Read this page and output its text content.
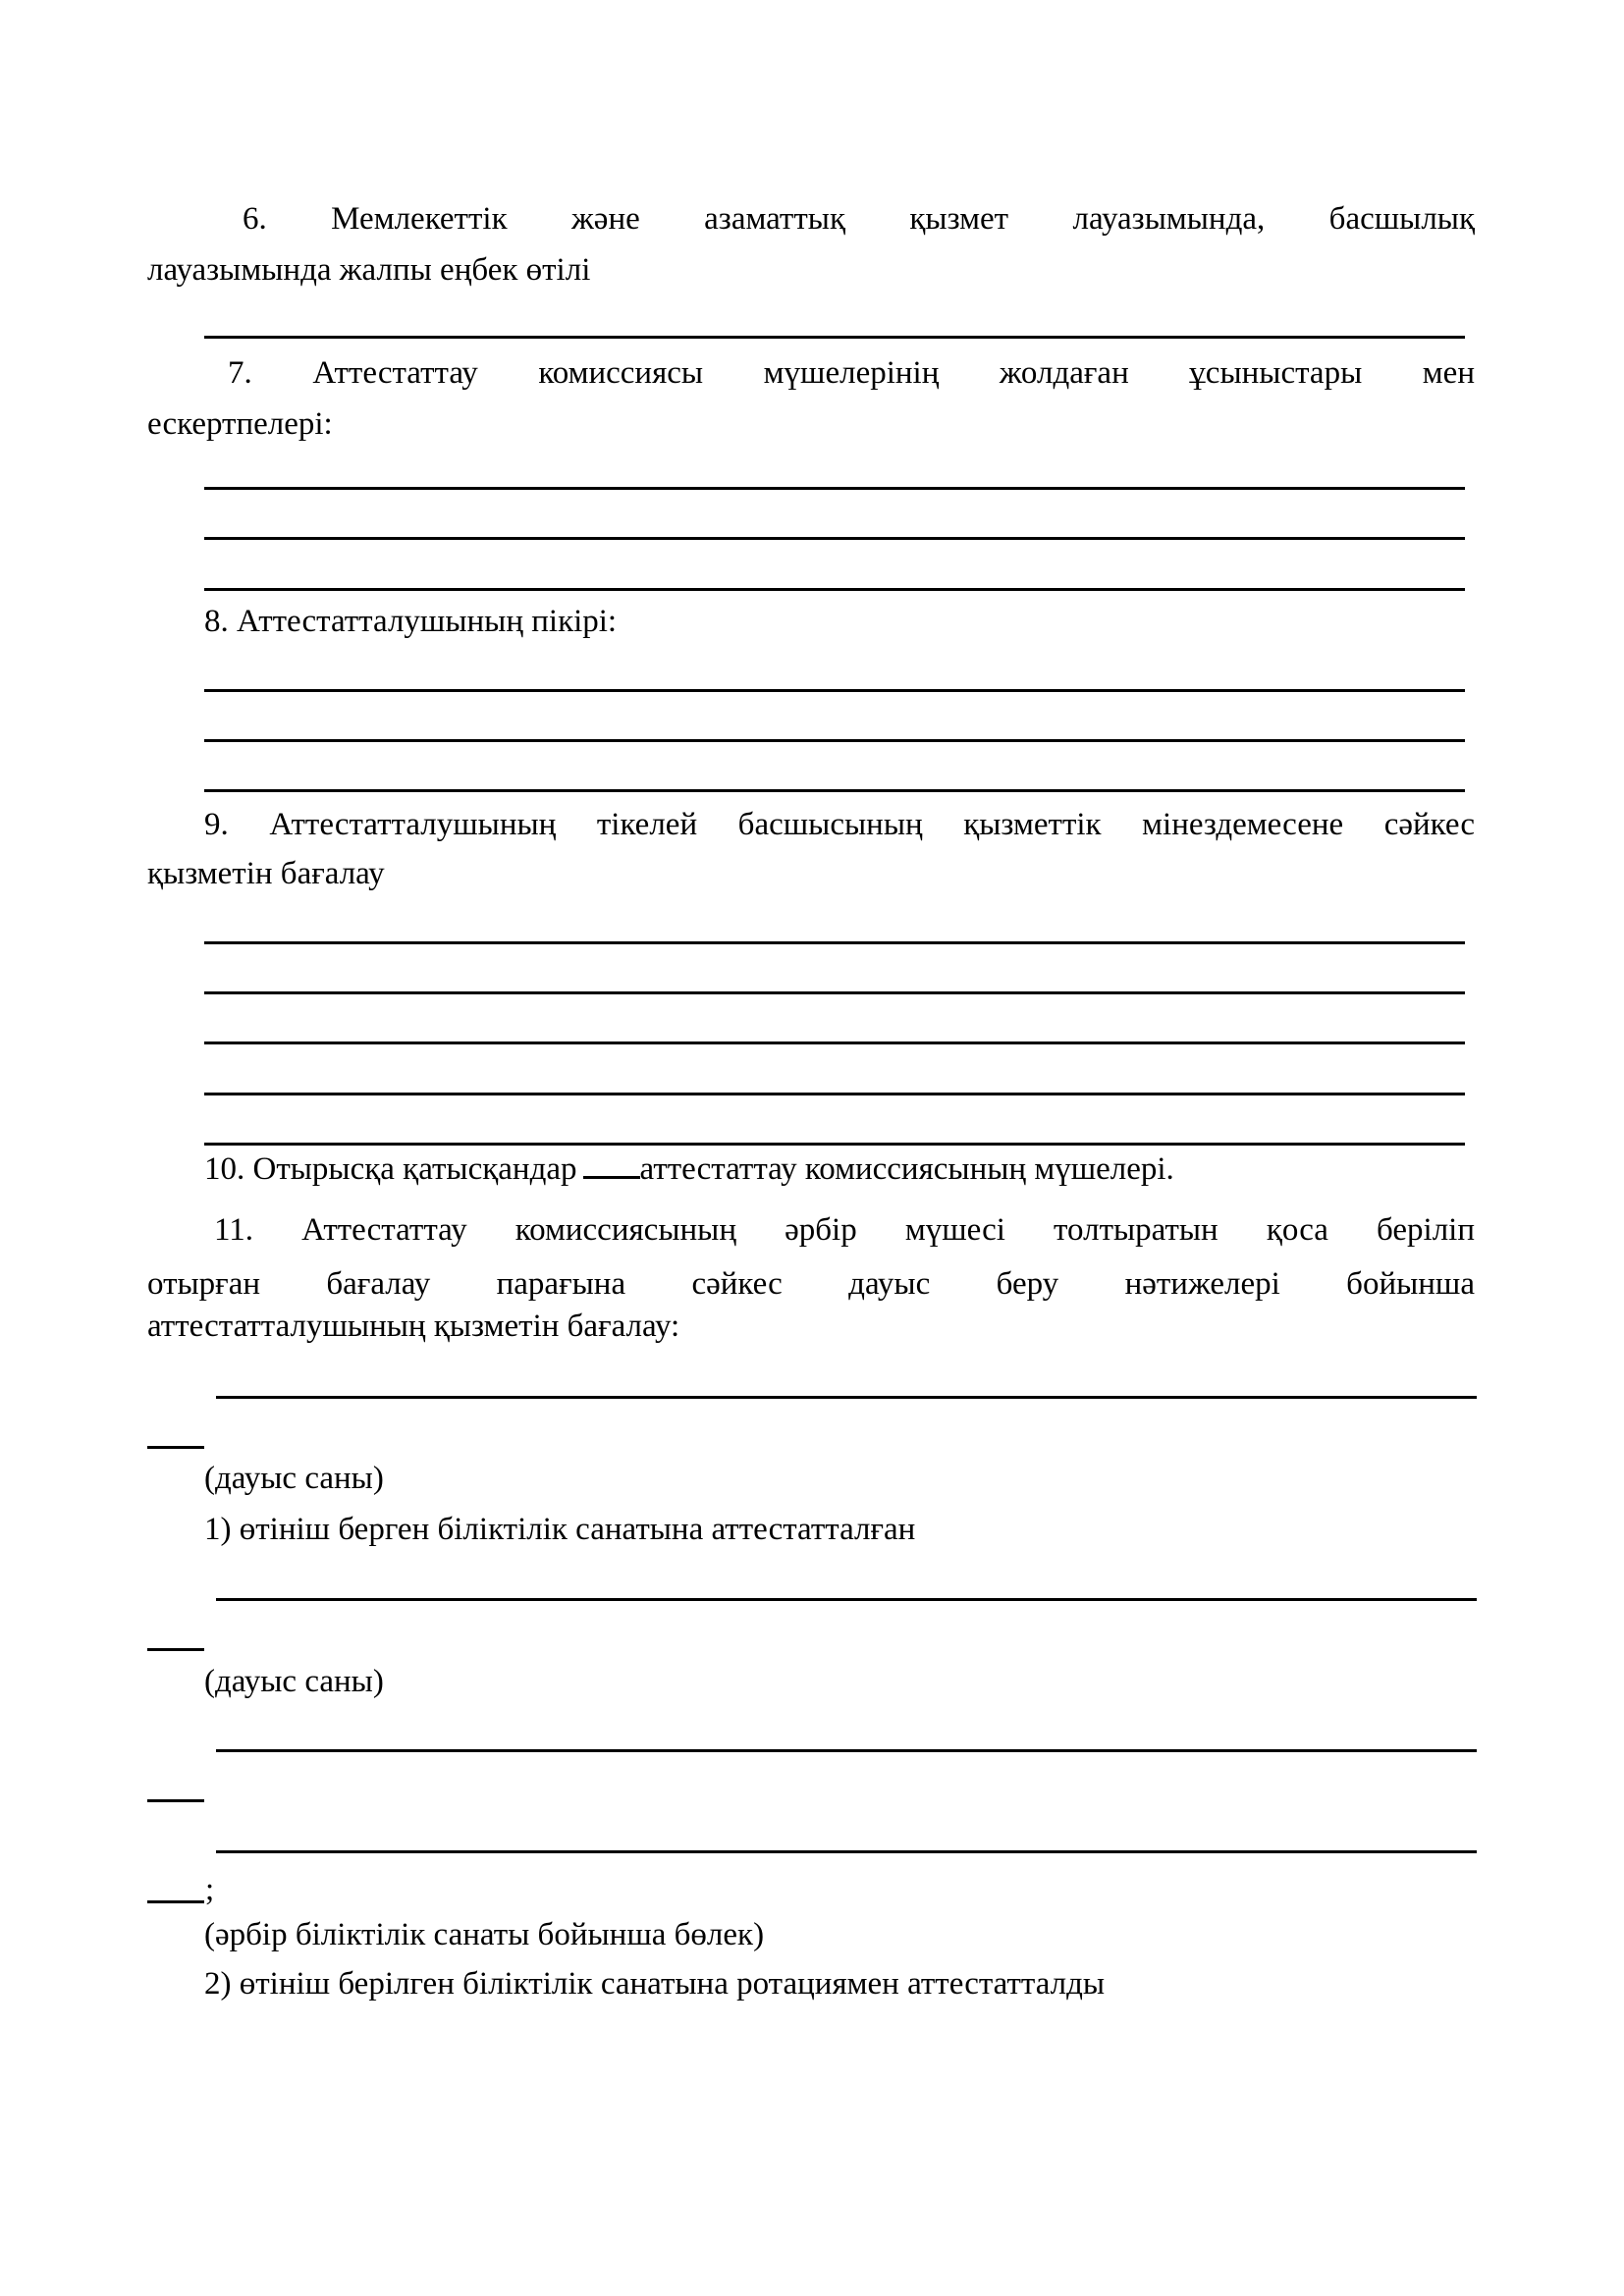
6. Мемлекеттік және азаматтық қызмет лауазымында, басшылық
лауазымында жалпы еңбек өтілі
7. Аттестаттау комиссиясы мүшелерінің жолдаған ұсыныстары мен
ескертпелері:
8. Аттестатталушының пікірі:
9. Аттестатталушының тікелей басшысының қызметтік мінездемесене сәйкес
қызметін бағалау
10. Отырысқа қатысқандар аттестаттау комиссиясының мүшелері.
11. Аттестаттау комиссиясының әрбір мүшесі толтыратын қоса беріліп
отырған бағалау парағына сәйкес дауыс беру нәтижелері бойынша
аттестатталушының қызметін бағалау:
(дауыс саны)
1) өтініш берген біліктілік санатына аттестатталған
(дауыс саны)
;
(әрбір біліктілік санаты бойынша бөлек)
2) өтініш берілген біліктілік санатына ротациямен аттестатталды
